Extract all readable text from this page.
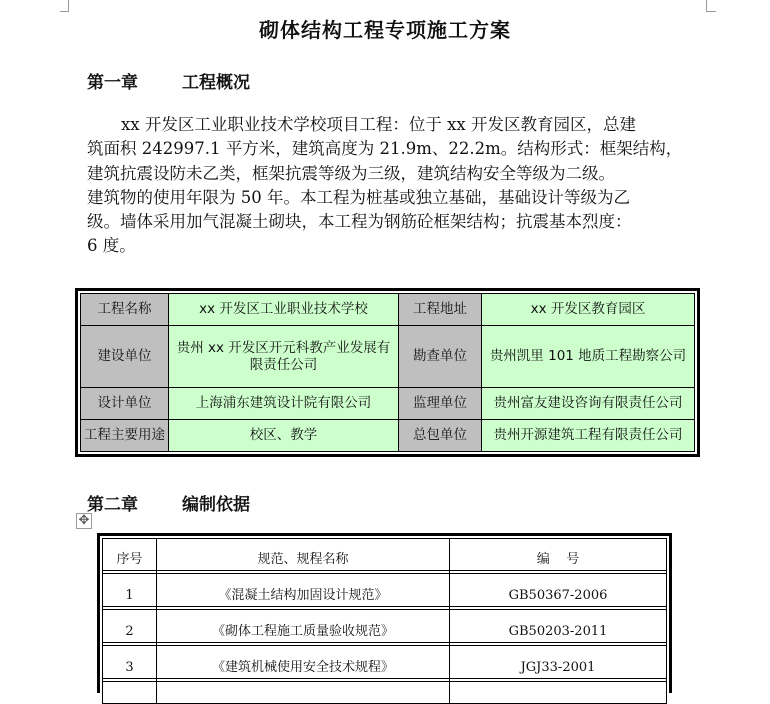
砌体结构工程专项施工方案
第一章	工程概况
xx 开发区工业职业技术学校项目工程：位于 xx 开发区教育园区，总建
筑面积 242997.1 平方米，建筑高度为 21.9m、22.2m。结构形式：框架结构，
建筑抗震设防未乙类，框架抗震等级为三级，建筑结构安全等级为二级。
建筑物的使用年限为 50 年。本工程为桩基或独立基础，基础设计等级为乙
级。墙体采用加气混凝土砌块，本工程为钢筋砼框架结构；抗震基本烈度：
6 度。
工程名称	xx 开发区工业职业技术学校	工程地址	xx 开发区教育园区
建设单位	贵州 xx 开发区开元科教产业发展有限责任公司	勘查单位	贵州凯里 101 地质工程勘察公司
设计单位	上海浦东建筑设计院有限公司	监理单位	贵州富友建设咨询有限责任公司
工程主要用途	校区、教学	总包单位	贵州开源建筑工程有限责任公司
第二章	编制依据
✥
序号	规范、规程名称	编    号

1	《混凝土结构加固设计规范》	GB50367-2006

2	《砌体工程施工质量验收规范》	GB50203-2011

3	《建筑机械使用安全技术规程》	JGJ33-2001
